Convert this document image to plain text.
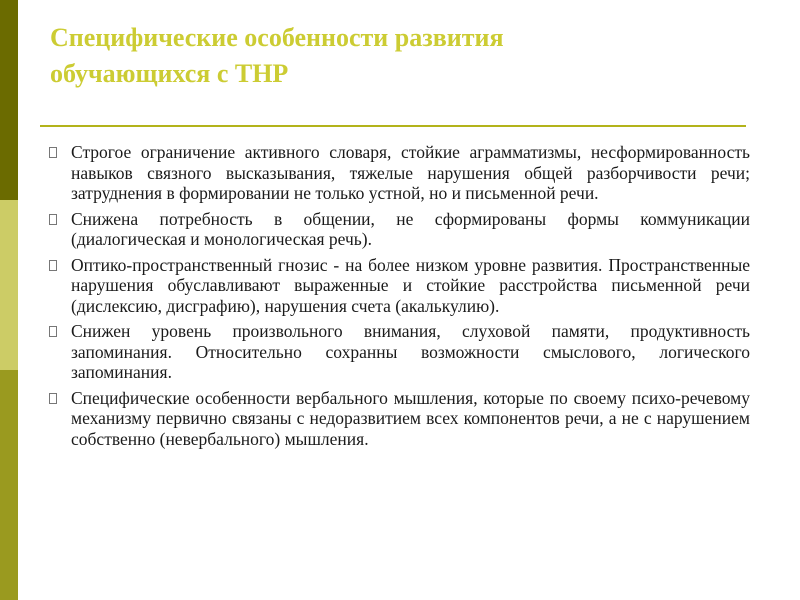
Специфические особенности развития
обучающихся с ТНР
Строгое ограничение активного словаря, стойкие аграмматизмы, несформированность навыков связного высказывания, тяжелые нарушения общей разборчивости речи; затруднения в формировании не только устной, но и письменной речи.
Снижена потребность в общении, не сформированы формы коммуникации (диалогическая и монологическая речь).
Оптико-пространственный гнозис - на более низком уровне развития. Пространственные нарушения обуславливают выраженные и стойкие расстройства письменной речи (дислексию, дисграфию), нарушения счета (акалькулию).
Снижен уровень произвольного внимания, слуховой памяти, продуктивность запоминания. Относительно сохранны возможности смыслового, логического запоминания.
Специфические особенности вербального мышления, которые по своему психо-речевому механизму первично связаны с недоразвитием всех компонентов речи, а не с нарушением собственно (невербального) мышления.
